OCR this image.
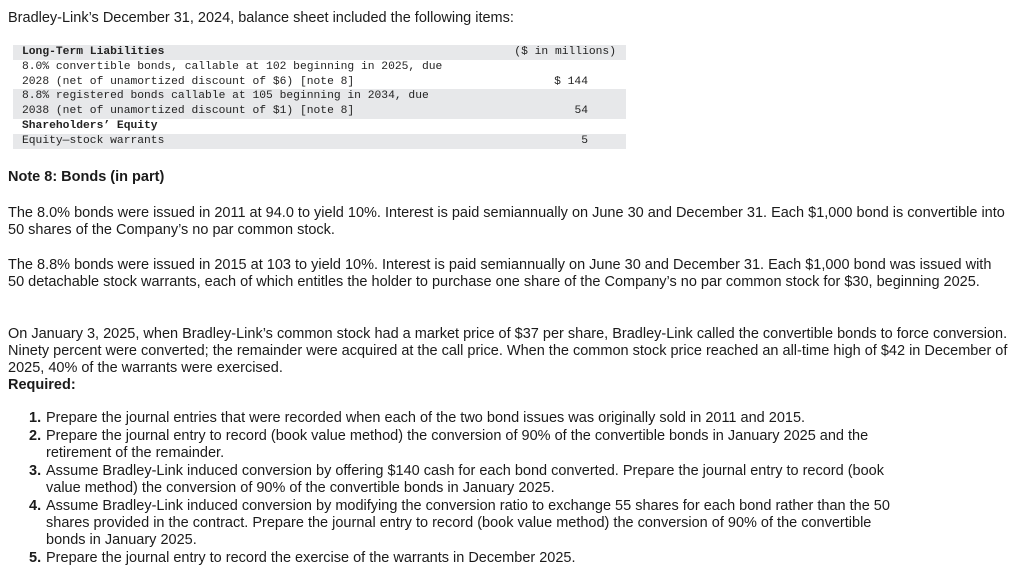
Bradley-Link’s December 31, 2024, balance sheet included the following items:

Long-Term Liabilities	($ in millions)
8.0% convertible bonds, callable at 102 beginning in 2025, due	
2028 (net of unamortized discount of $6) [note 8]	$ 144
8.8% registered bonds callable at 105 beginning in 2034, due	
2038 (net of unamortized discount of $1) [note 8]	54
Shareholders’ Equity	
Equity—stock warrants	5

Note 8: Bonds (in part)

The 8.0% bonds were issued in 2011 at 94.0 to yield 10%. Interest is paid semiannually on June 30 and December 31. Each $1,000 bond is convertible into 50 shares of the Company’s no par common stock.

The 8.8% bonds were issued in 2015 at 103 to yield 10%. Interest is paid semiannually on June 30 and December 31. Each $1,000 bond was issued with 50 detachable stock warrants, each of which entitles the holder to purchase one share of the Company’s no par common stock for $30, beginning 2025.

On January 3, 2025, when Bradley-Link’s common stock had a market price of $37 per share, Bradley-Link called the convertible bonds to force conversion. Ninety percent were converted; the remainder were acquired at the call price. When the common stock price reached an all-time high of $42 in December of 2025, 40% of the warrants were exercised.

Required:

1. Prepare the journal entries that were recorded when each of the two bond issues was originally sold in 2011 and 2015.
2. Prepare the journal entry to record (book value method) the conversion of 90% of the convertible bonds in January 2025 and the retirement of the remainder.
3. Assume Bradley-Link induced conversion by offering $140 cash for each bond converted. Prepare the journal entry to record (book value method) the conversion of 90% of the convertible bonds in January 2025.
4. Assume Bradley-Link induced conversion by modifying the conversion ratio to exchange 55 shares for each bond rather than the 50 shares provided in the contract. Prepare the journal entry to record (book value method) the conversion of 90% of the convertible bonds in January 2025.
5. Prepare the journal entry to record the exercise of the warrants in December 2025.
